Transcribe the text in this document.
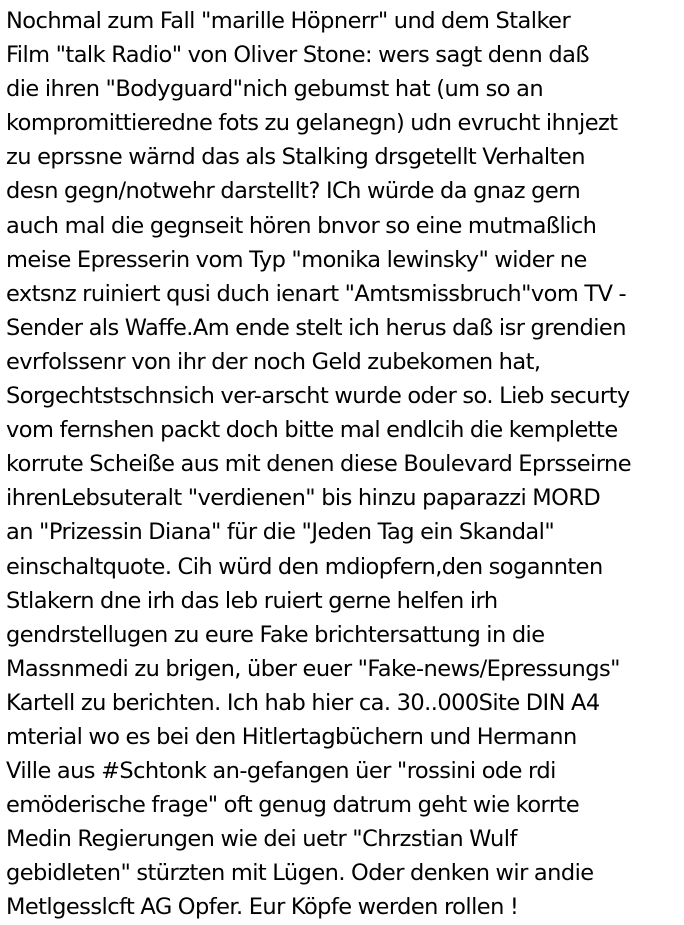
Nochmal zum Fall "marille Höpnerr" und dem Stalker
Film "talk Radio" von Oliver Stone: wers sagt denn daß
die ihren "Bodyguard"nich gebumst hat (um so an
kompromittieredne fots zu gelanegn) udn evrucht ihnjezt
zu eprssne wärnd das als Stalking drsgetellt Verhalten
desn gegn/notwehr darstellt? ICh würde da gnaz gern
auch mal die gegnseit hören bnvor so eine mutmaßlich
meise Epresserin vom Typ "monika lewinsky" wider ne
extsnz ruiniert qusi duch ienart "Amtsmissbruch"vom TV -
Sender als Waffe.Am ende stelt ich herus daß isr grendien
evrfolssenr von ihr der noch Geld zubekomen hat,
Sorgechtstschnsich ver-arscht wurde oder so. Lieb securty
vom fernshen packt doch bitte mal endlcih die kemplette
korrute Scheiße aus mit denen diese Boulevard Eprsseirne
ihrenLebsuteralt "verdienen" bis hinzu paparazzi MORD
an "Prizessin Diana" für die "Jeden Tag ein Skandal"
einschaltquote. Cih würd den mdiopfern,den sogannten
Stlakern dne irh das leb ruiert gerne helfen irh
gendrstellugen zu eure Fake brichtersattung in die
Massnmedi zu brigen, über euer "Fake-news/Epressungs"
Kartell zu berichten. Ich hab hier ca. 30..000Site DIN A4
mterial wo es bei den Hitlertagbüchern und Hermann
Ville aus #Schtonk an-gefangen üer "rossini ode rdi
emöderische frage" oft genug datrum geht wie korrte
Medin Regierungen wie dei uetr "Chrzstian Wulf
gebidleten" stürzten mit Lügen. Oder denken wir andie
Metlgesslcft AG Opfer. Eur Köpfe werden rollen !
